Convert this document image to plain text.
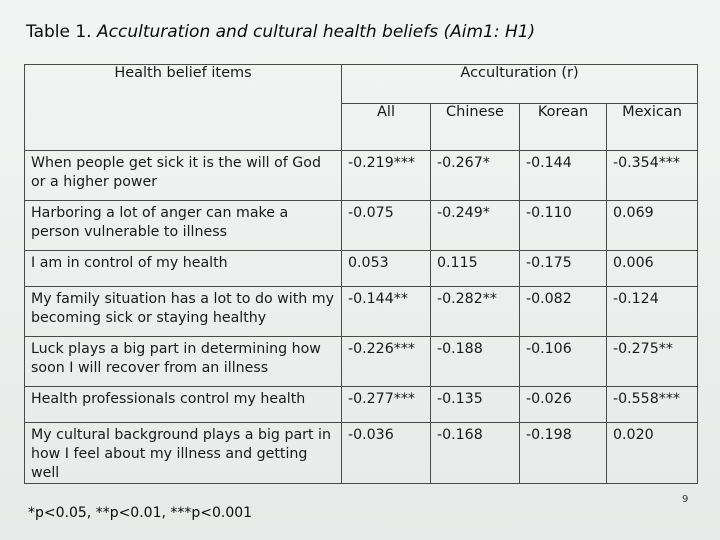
Table 1. Acculturation and cultural health beliefs (Aim1: H1)
Health belief items	Acculturation (r)			
	All	Chinese	Korean	Mexican
When people get sick it is the will of God or a higher power	-0.219***	-0.267*	-0.144	-0.354***
Harboring a lot of anger can make a person vulnerable to illness	-0.075	-0.249*	-0.110	0.069
I am in control of my health	0.053	0.115	-0.175	0.006
My family situation has a lot to do with my becoming sick or staying healthy	-0.144**	-0.282**	-0.082	-0.124
Luck plays a big part in determining how soon I will recover from an illness	-0.226***	-0.188	-0.106	-0.275**
Health professionals control my health	-0.277***	-0.135	-0.026	-0.558***
My cultural background plays a big part in how I feel about my illness and getting well	-0.036	-0.168	-0.198	0.020
*p<0.05, **p<0.01, ***p<0.001
9
